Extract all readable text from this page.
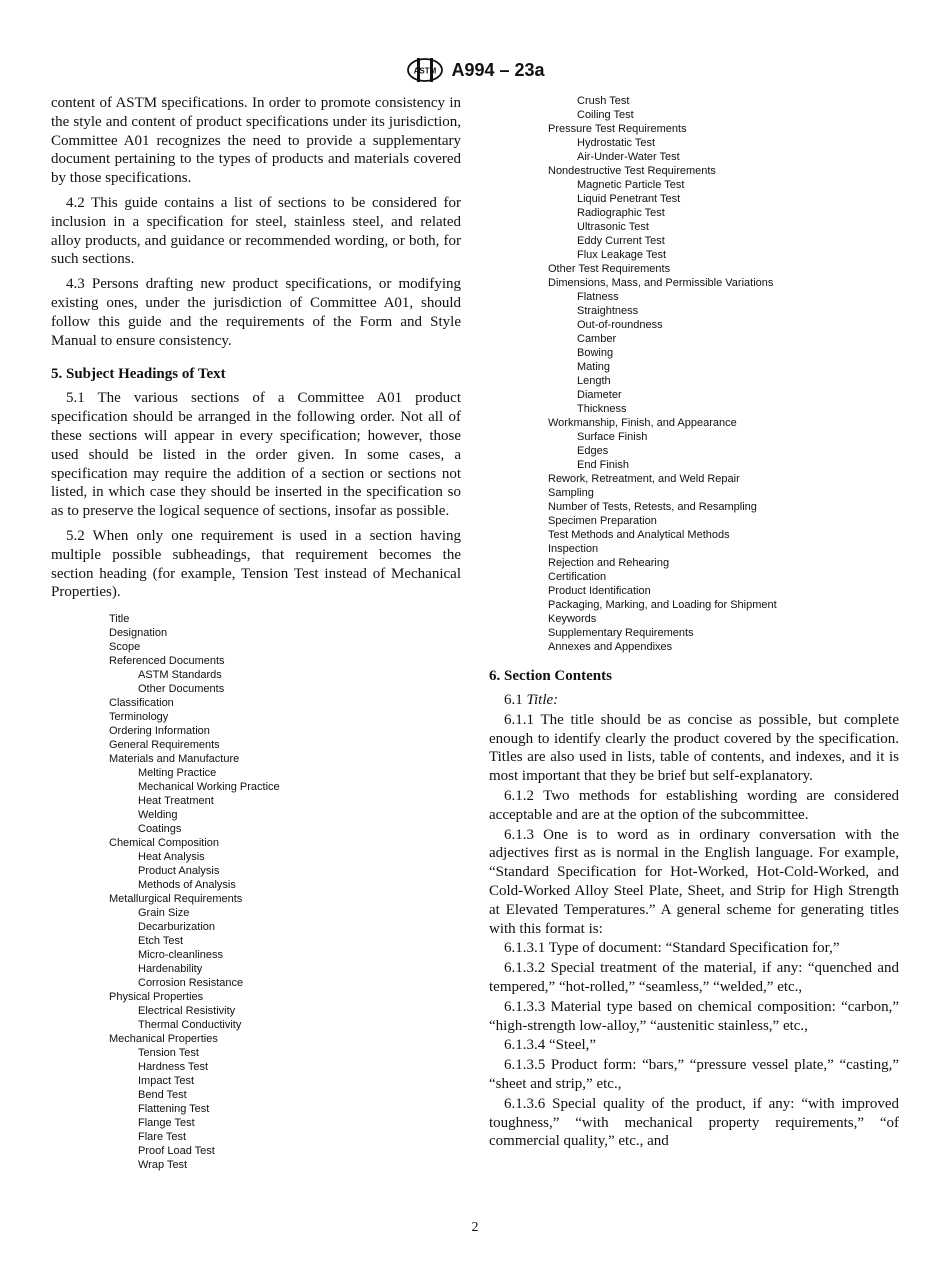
ASTM A994 – 23a

content of ASTM specifications. In order to promote consistency in the style and content of product specifications under its jurisdiction, Committee A01 recognizes the need to provide a supplementary document pertaining to the types of products and materials covered by those specifications.

4.2 This guide contains a list of sections to be considered for inclusion in a specification for steel, stainless steel, and related alloy products, and guidance or recommended wording, or both, for such sections.

4.3 Persons drafting new product specifications, or modifying existing ones, under the jurisdiction of Committee A01, should follow this guide and the requirements of the Form and Style Manual to ensure consistency.

5. Subject Headings of Text

5.1 The various sections of a Committee A01 product specification should be arranged in the following order. Not all of these sections will appear in every specification; however, those used should be listed in the order given. In some cases, a specification may require the addition of a section or sections not listed, in which case they should be inserted in the specification so as to preserve the logical sequence of sections, insofar as possible.

5.2 When only one requirement is used in a section having multiple possible subheadings, that requirement becomes the section heading (for example, Tension Test instead of Mechanical Properties).

Title
Designation
Scope
Referenced Documents
ASTM Standards
Other Documents
Classification
Terminology
Ordering Information
General Requirements
Materials and Manufacture
Melting Practice
Mechanical Working Practice
Heat Treatment
Welding
Coatings
Chemical Composition
Heat Analysis
Product Analysis
Methods of Analysis
Metallurgical Requirements
Grain Size
Decarburization
Etch Test
Micro-cleanliness
Hardenability
Corrosion Resistance
Physical Properties
Electrical Resistivity
Thermal Conductivity
Mechanical Properties
Tension Test
Hardness Test
Impact Test
Bend Test
Flattening Test
Flange Test
Flare Test
Proof Load Test
Wrap Test
Crush Test
Coiling Test
Pressure Test Requirements
Hydrostatic Test
Air-Under-Water Test
Nondestructive Test Requirements
Magnetic Particle Test
Liquid Penetrant Test
Radiographic Test
Ultrasonic Test
Eddy Current Test
Flux Leakage Test
Other Test Requirements
Dimensions, Mass, and Permissible Variations
Flatness
Straightness
Out-of-roundness
Camber
Bowing
Mating
Length
Diameter
Thickness
Workmanship, Finish, and Appearance
Surface Finish
Edges
End Finish
Rework, Retreatment, and Weld Repair
Sampling
Number of Tests, Retests, and Resampling
Specimen Preparation
Test Methods and Analytical Methods
Inspection
Rejection and Rehearing
Certification
Product Identification
Packaging, Marking, and Loading for Shipment
Keywords
Supplementary Requirements
Annexes and Appendixes
6. Section Contents

6.1 Title:

6.1.1 The title should be as concise as possible, but complete enough to identify clearly the product covered by the specification. Titles are also used in lists, table of contents, and indexes, and it is most important that they be brief but self-explanatory.

6.1.2 Two methods for establishing wording are considered acceptable and are at the option of the subcommittee.

6.1.3 One is to word as in ordinary conversation with the adjectives first as is normal in the English language. For example, “Standard Specification for Hot-Worked, Hot-Cold-Worked, and Cold-Worked Alloy Steel Plate, Sheet, and Strip for High Strength at Elevated Temperatures.” A general scheme for generating titles with this format is:

6.1.3.1 Type of document: “Standard Specification for,”

6.1.3.2 Special treatment of the material, if any: “quenched and tempered,” “hot-rolled,” “seamless,” “welded,” etc.,

6.1.3.3 Material type based on chemical composition: “carbon,” “high-strength low-alloy,” “austenitic stainless,” etc.,

6.1.3.4 “Steel,”

6.1.3.5 Product form: “bars,” “pressure vessel plate,” “casting,” “sheet and strip,” etc.,

6.1.3.6 Special quality of the product, if any: “with improved toughness,” “with mechanical property requirements,” “of commercial quality,” etc., and

2
